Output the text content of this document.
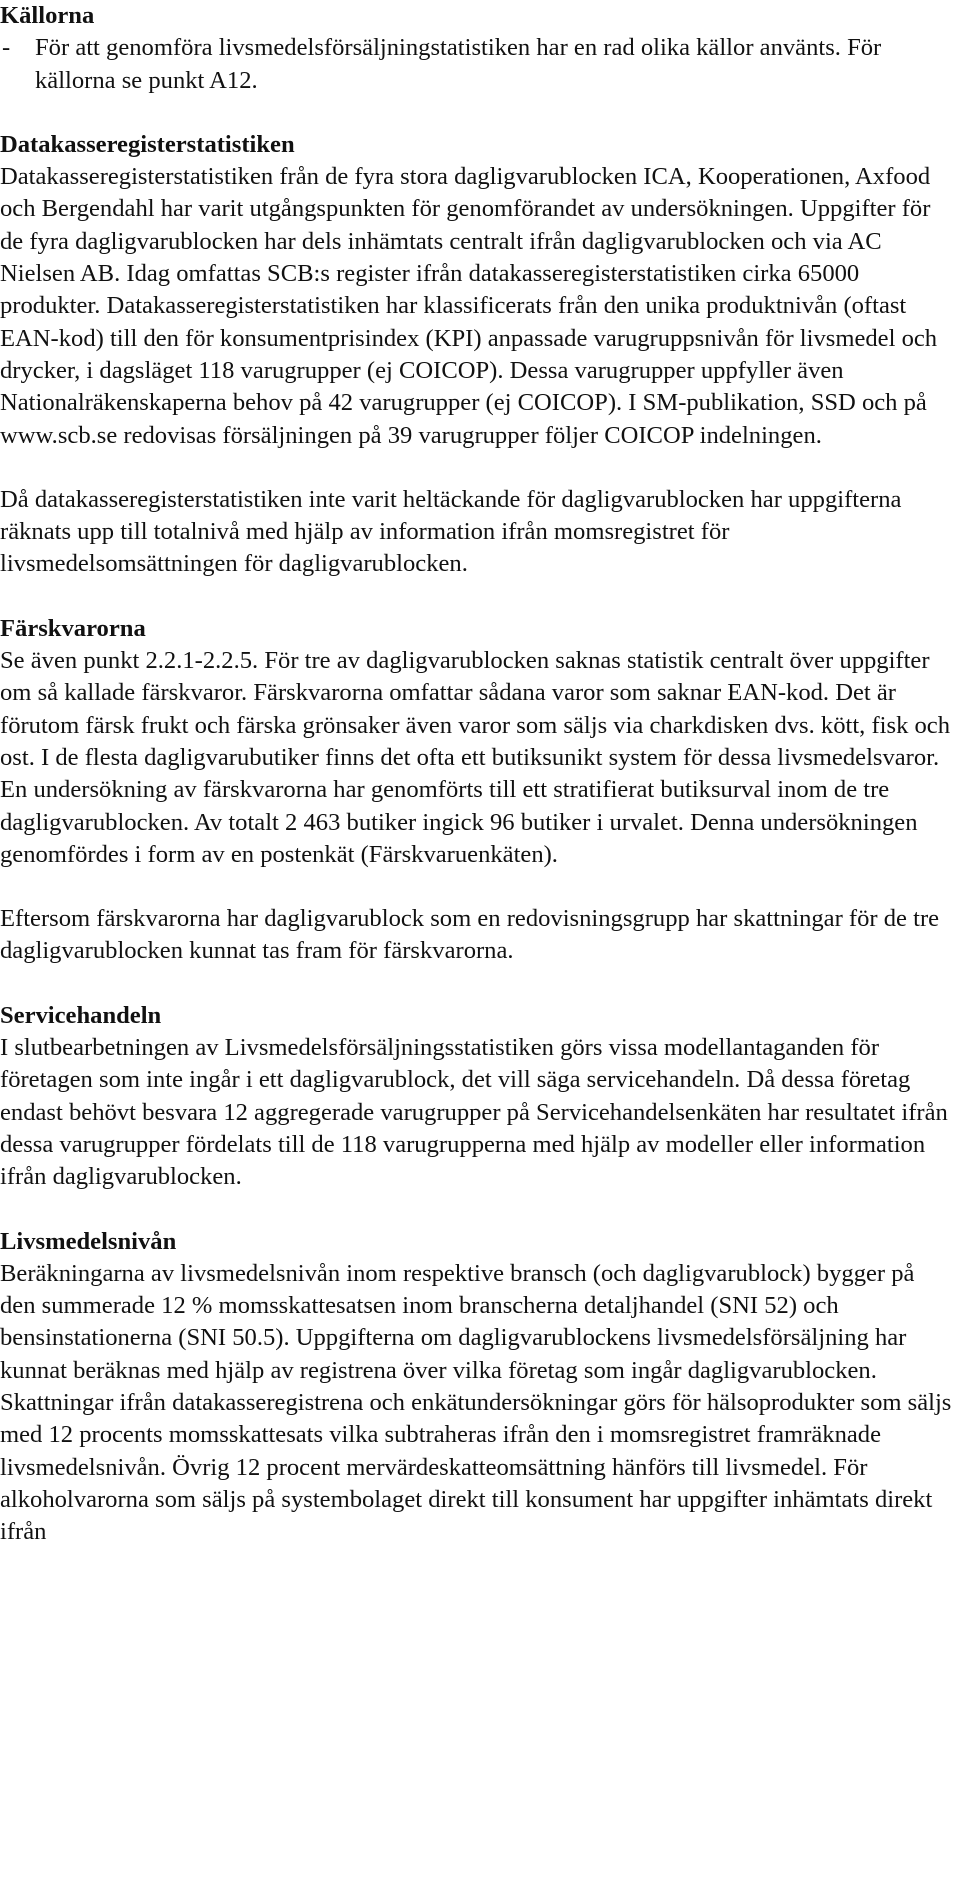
Källorna
-	För att genomföra livsmedelsförsäljningstatistiken har en rad olika källor använts. För källorna se punkt A12.
Datakasseregisterstatistiken

Datakasseregisterstatistiken från de fyra stora dagligvarublocken ICA, Kooperationen, Axfood och Bergendahl har varit utgångspunkten för genomförandet av undersökningen. Uppgifter för de fyra dagligvarublocken har dels inhämtats centralt ifrån dagligvarublocken och via AC Nielsen AB. Idag omfattas SCB:s register ifrån datakasseregisterstatistiken cirka 65000 produkter. Datakasseregisterstatistiken har klassificerats från den unika produktnivån (oftast EAN-kod) till den för konsumentprisindex (KPI) anpassade varugruppsnivån för livsmedel och drycker, i dagsläget 118 varugrupper (ej COICOP). Dessa varugrupper uppfyller även Nationalräkenskaperna behov på 42 varugrupper (ej COICOP). I SM-publikation, SSD och på www.scb.se redovisas försäljningen på 39 varugrupper följer COICOP indelningen.

Då datakasseregisterstatistiken inte varit heltäckande för dagligvarublocken har uppgifterna räknats upp till totalnivå med hjälp av information ifrån momsregistret för livsmedelsomsättningen för dagligvarublocken.

Färskvarorna

Se även punkt 2.2.1-2.2.5. För tre av dagligvarublocken saknas statistik centralt över uppgifter om så kallade färskvaror. Färskvarorna omfattar sådana varor som saknar EAN-kod. Det är förutom färsk frukt och färska grönsaker även varor som säljs via charkdisken dvs. kött, fisk och ost. I de flesta dagligvarubutiker finns det ofta ett butiksunikt system för dessa livsmedelsvaror. En undersökning av färskvarorna har genomförts till ett stratifierat butiksurval inom de tre dagligvarublocken. Av totalt 2 463 butiker ingick 96 butiker i urvalet. Denna undersökningen genomfördes i form av en postenkät (Färskvaruenkäten).

Eftersom färskvarorna har dagligvarublock som en redovisningsgrupp har skattningar för de tre dagligvarublocken kunnat tas fram för färskvarorna.

Servicehandeln

I slutbearbetningen av Livsmedelsförsäljningsstatistiken görs vissa modellantaganden för företagen som inte ingår i ett dagligvarublock, det vill säga servicehandeln. Då dessa företag endast behövt besvara 12 aggregerade varugrupper på Servicehandelsenkäten har resultatet ifrån dessa varugrupper fördelats till de 118 varugrupperna med hjälp av modeller eller information ifrån dagligvarublocken.

Livsmedelsnivån

Beräkningarna av livsmedelsnivån inom respektive bransch (och dagligvarublock) bygger på den summerade 12 % momsskattesatsen inom branscherna detaljhandel (SNI 52) och bensinstationerna (SNI 50.5). Uppgifterna om dagligvarublockens livsmedelsförsäljning har kunnat beräknas med hjälp av registrena över vilka företag som ingår dagligvarublocken. Skattningar ifrån datakasseregistrena och enkätundersökningar görs för hälsoprodukter som säljs med 12 procents momsskattesats vilka subtraheras ifrån den i momsregistret framräknade livsmedelsnivån. Övrig 12 procent mervärdeskatteomsättning hänförs till livsmedel. För alkoholvarorna som säljs på systembolaget direkt till konsument har uppgifter inhämtats direkt ifrån
